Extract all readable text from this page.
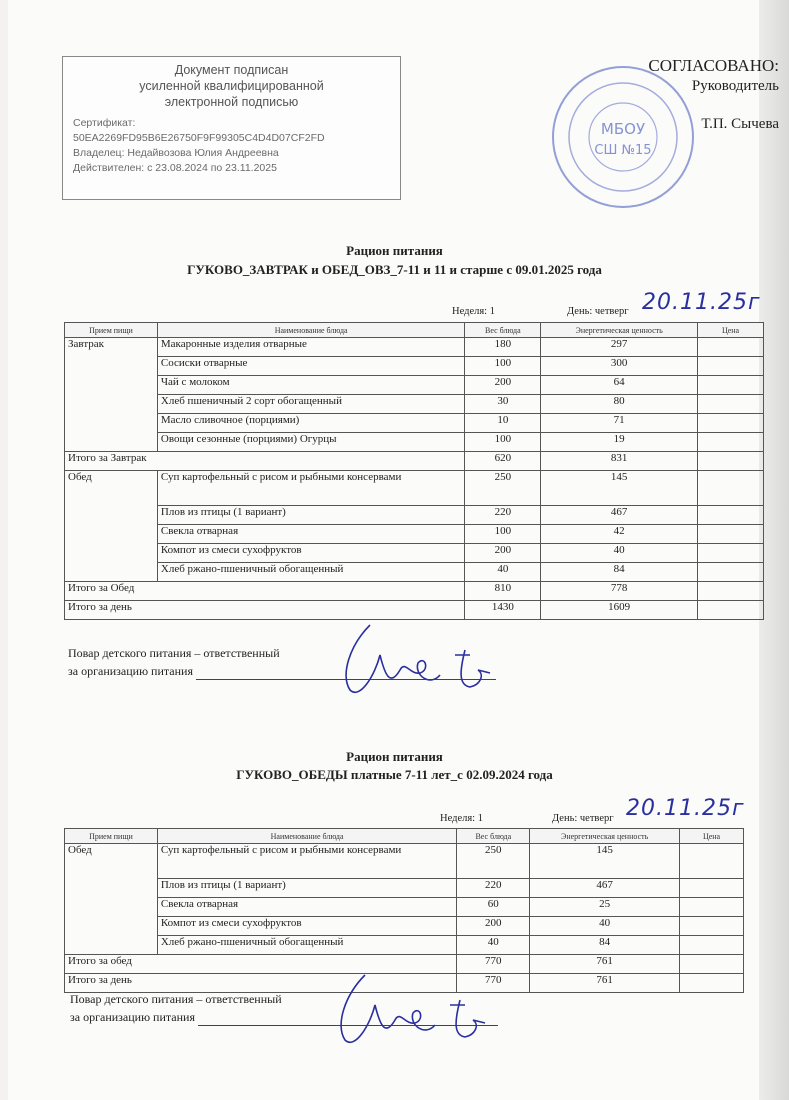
Документ подписан
усиленной квалифицированной
электронной подписью
Сертификат:
50EA2269FD95B6E26750F9F99305C4D4D07CF2FD
Владелец: Недайвозова Юлия Андреевна
Действителен: с 23.08.2024 по 23.11.2025
МБОУ
СШ №15
СОГЛАСОВАНО:
Руководитель
Т.П. Сычева
Рацион питания
ГУКОВО_ЗАВТРАК и ОБЕД_ОВЗ_7-11 и 11 и старше с 09.01.2025 года
Неделя: 1	День: четверг 20.11.25г
Прием пищи	Наименование блюда	Вес блюда	Энергетическая ценность	Цена
Завтрак	Макаронные изделия отварные	180	297	
	Сосиски отварные	100	300	
	Чай с молоком	200	64	
	Хлеб пшеничный 2 сорт обогащенный	30	80	
	Масло сливочное (порциями)	10	71	
	Овощи сезонные (порциями) Огурцы	100	19	
Итого за Завтрак		620	831	
Обед	Суп картофельный с рисом и рыбными консервами	250	145	
	Плов из птицы (1 вариант)	220	467	
	Свекла отварная	100	42	
	Компот из смеси сухофруктов	200	40	
	Хлеб ржано-пшеничный обогащенный	40	84	
Итого за Обед		810	778	
Итого за день		1430	1609	
Повар детского питания – ответственный
за организацию питания
Рацион питания
ГУКОВО_ОБЕДЫ платные 7-11 лет_с 02.09.2024 года
Неделя: 1	День: четверг 20.11.25г
Прием пищи	Наименование блюда	Вес блюда	Энергетическая ценность	Цена
Обед	Суп картофельный с рисом и рыбными консервами	250	145	
	Плов из птицы (1 вариант)	220	467	
	Свекла отварная	60	25	
	Компот из смеси сухофруктов	200	40	
	Хлеб ржано-пшеничный обогащенный	40	84	
Итого за обед		770	761	
Итого за день		770	761	
Повар детского питания – ответственный
за организацию питания
